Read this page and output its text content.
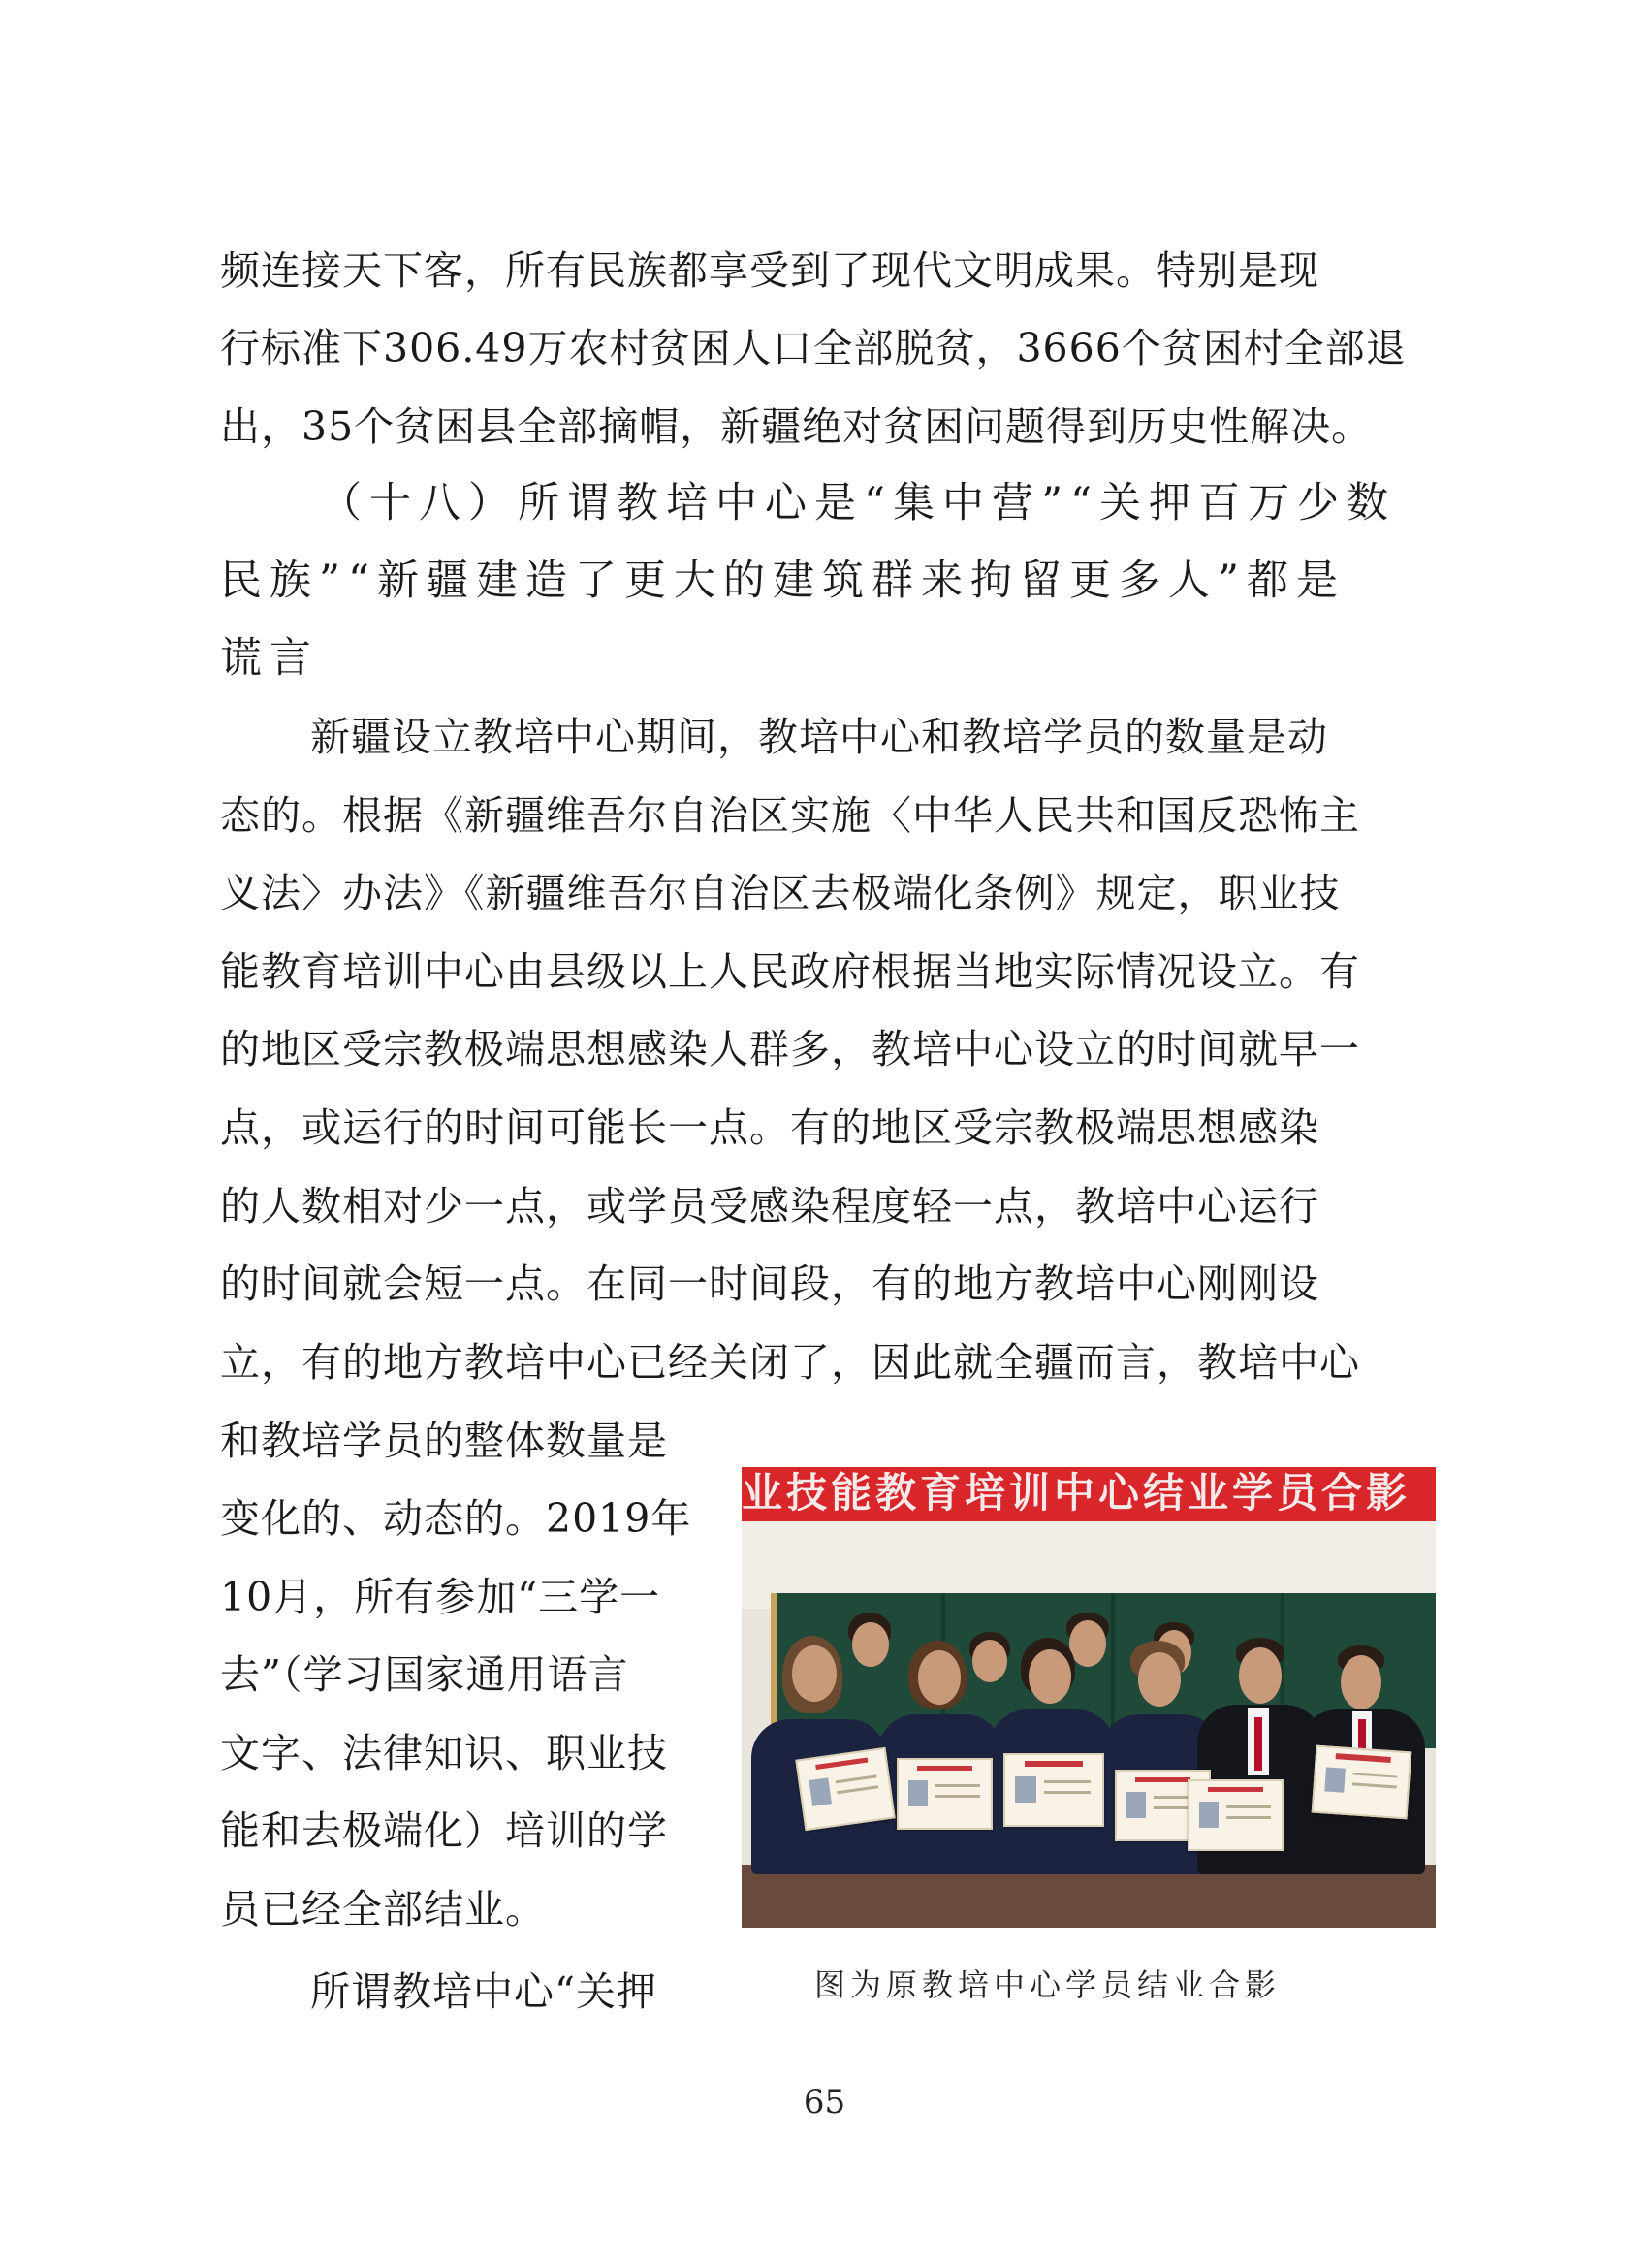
频连接天下客，所有民族都享受到了现代文明成果。特别是现
行标准下306.49万农村贫困人口全部脱贫，3666个贫困村全部退
出，35个贫困县全部摘帽，新疆绝对贫困问题得到历史性解决。
（十八）所谓教培中心是“集中营”“关押百万少数
民族”“新疆建造了更大的建筑群来拘留更多人”都是
谎言
新疆设立教培中心期间，教培中心和教培学员的数量是动
态的。根据《新疆维吾尔自治区实施〈中华人民共和国反恐怖主
义法〉办法》《新疆维吾尔自治区去极端化条例》规定，职业技
能教育培训中心由县级以上人民政府根据当地实际情况设立。有
的地区受宗教极端思想感染人群多，教培中心设立的时间就早一
点，或运行的时间可能长一点。有的地区受宗教极端思想感染
的人数相对少一点，或学员受感染程度轻一点，教培中心运行
的时间就会短一点。在同一时间段，有的地方教培中心刚刚设
立，有的地方教培中心已经关闭了，因此就全疆而言，教培中心
和教培学员的整体数量是
变化的、动态的。2019年
10月，所有参加“三学一
去”（学习国家通用语言
文字、法律知识、职业技
能和去极端化）培训的学
员已经全部结业。
所谓教培中心“关押
业技能教育培训中心结业学员合影
图为原教培中心学员结业合影
65
